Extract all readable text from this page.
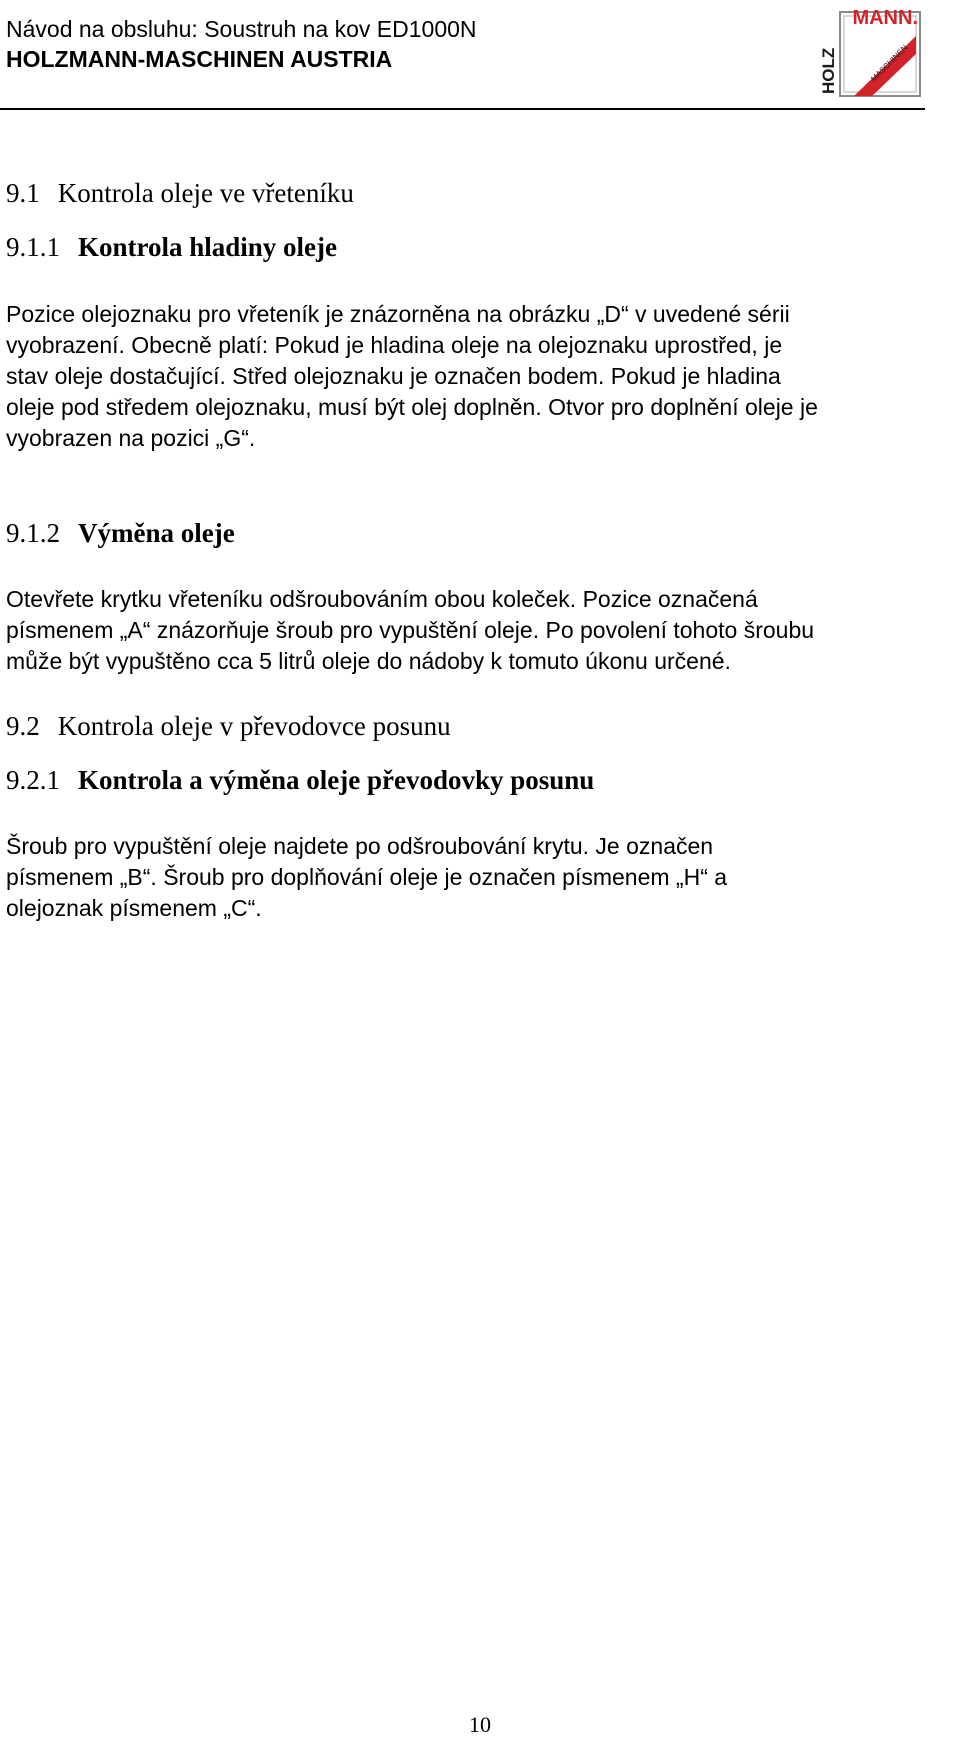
Návod na obsluhu: Soustruh na kov ED1000N
HOLZMANN-MASCHINEN AUSTRIA
MANN.
HOLZ	MASCHINEN
9.1 Kontrola oleje ve vřeteníku
9.1.1 Kontrola hladiny oleje
Pozice olejoznaku pro vřeteník je znázorněna na obrázku „D“ v uvedené sérii
vyobrazení. Obecně platí: Pokud je hladina oleje na olejoznaku uprostřed, je
stav oleje dostačující. Střed olejoznaku je označen bodem. Pokud je hladina
oleje pod středem olejoznaku, musí být olej doplněn. Otvor pro doplnění oleje je
vyobrazen na pozici „G“.
9.1.2 Výměna oleje
Otevřete krytku vřeteníku odšroubováním obou koleček. Pozice označená
písmenem „A“ znázorňuje šroub pro vypuštění oleje. Po povolení tohoto šroubu
může být vypuštěno cca 5 litrů oleje do nádoby k tomuto úkonu určené.
9.2 Kontrola oleje v převodovce posunu
9.2.1 Kontrola a výměna oleje převodovky posunu
Šroub pro vypuštění oleje najdete po odšroubování krytu. Je označen
písmenem „B“. Šroub pro doplňování oleje je označen písmenem „H“ a
olejoznak písmenem „C“.
10
